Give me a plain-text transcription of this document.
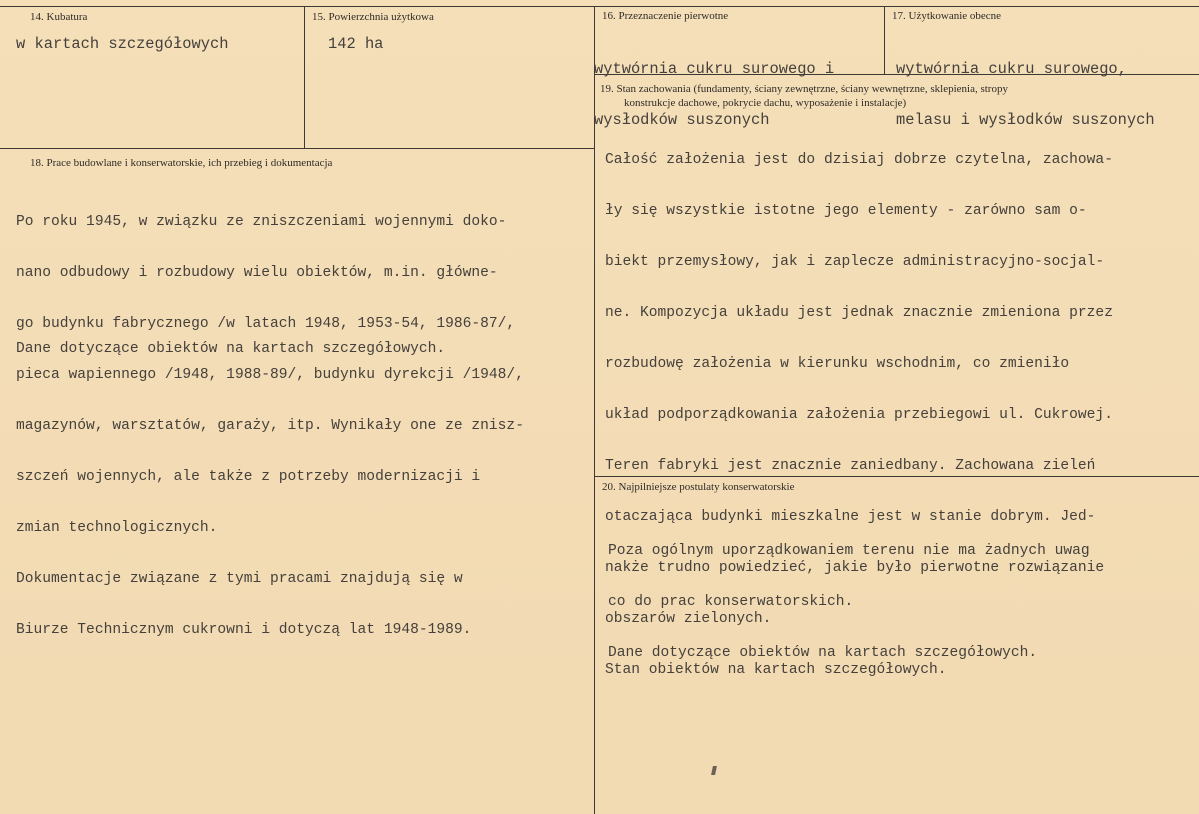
14. Kubatura
w kartach szczegółowych
15. Powierzchnia użytkowa
142 ha
16. Przeznaczenie pierwotne

wytwórnia cukru surowego i

wysłodków suszonych

17. Użytkowanie obecne

wytwórnia cukru surowego,

melasu i wysłodków suszonych

19. Stan zachowania (fundamenty, ściany zewnętrzne, ściany wewnętrzne, sklepienia, stropy
konstrukcje dachowe, pokrycie dachu, wyposażenie i instalacje)

Całość założenia jest do dzisiaj dobrze czytelna, zachowa-

ły się wszystkie istotne jego elementy - zarówno sam o-

biekt przemysłowy, jak i zaplecze administracyjno-socjal-

ne. Kompozycja układu jest jednak znacznie zmieniona przez

rozbudowę założenia w kierunku wschodnim, co zmieniło

układ podporządkowania założenia przebiegowi ul. Cukrowej.

Teren fabryki jest znacznie zaniedbany. Zachowana zieleń

otaczająca budynki mieszkalne jest w stanie dobrym. Jed-

nakże trudno powiedzieć, jakie było pierwotne rozwiązanie

obszarów zielonych.

Stan obiektów na kartach szczegółowych.

18. Prace budowlane i konserwatorskie, ich przebieg i dokumentacja

Po roku 1945, w związku ze zniszczeniami wojennymi doko-

nano odbudowy i rozbudowy wielu obiektów, m.in. główne-

go budynku fabrycznego /w latach 1948, 1953-54, 1986-87/,

pieca wapiennego /1948, 1988-89/, budynku dyrekcji /1948/,

magazynów, warsztatów, garaży, itp. Wynikały one ze znisz-

szczeń wojennych, ale także z potrzeby modernizacji i

zmian technologicznych.

Dokumentacje związane z tymi pracami znajdują się w

Biurze Technicznym cukrowni i dotyczą lat 1948-1989.

Dane dotyczące obiektów na kartach szczegółowych.
20. Najpilniejsze postulaty konserwatorskie

Poza ogólnym uporządkowaniem terenu nie ma żadnych uwag

co do prac konserwatorskich.

Dane dotyczące obiektów na kartach szczegółowych.
